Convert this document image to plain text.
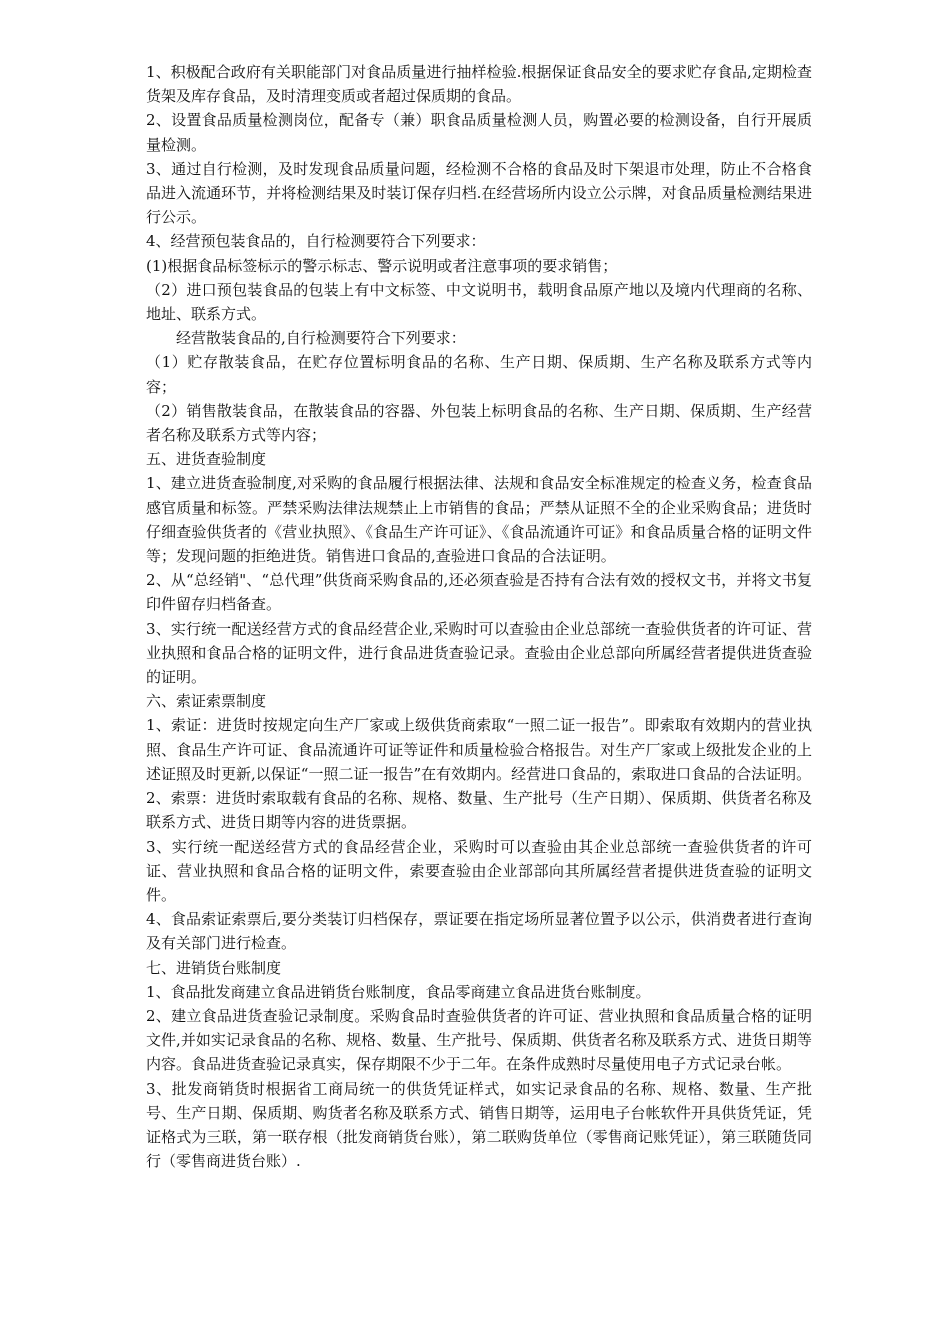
1、积极配合政府有关职能部门对食品质量进行抽样检验.根据保证食品安全的要求贮存食品,定期检查货架及库存食品，及时清理变质或者超过保质期的食品。

2、设置食品质量检测岗位，配备专（兼）职食品质量检测人员，购置必要的检测设备，自行开展质量检测。

3、通过自行检测，及时发现食品质量问题，经检测不合格的食品及时下架退市处理，防止不合格食品进入流通环节，并将检测结果及时装订保存归档.在经营场所内设立公示牌，对食品质量检测结果进行公示。

4、经营预包装食品的，自行检测要符合下列要求：

(1)根据食品标签标示的警示标志、警示说明或者注意事项的要求销售；

（2）进口预包装食品的包装上有中文标签、中文说明书，载明食品原产地以及境内代理商的名称、地址、联系方式。

　　经营散装食品的,自行检测要符合下列要求：

（1）贮存散装食品，在贮存位置标明食品的名称、生产日期、保质期、生产名称及联系方式等内容；

（2）销售散装食品，在散装食品的容器、外包装上标明食品的名称、生产日期、保质期、生产经营者名称及联系方式等内容；

五、进货查验制度

1、建立进货查验制度,对采购的食品履行根据法律、法规和食品安全标准规定的检查义务，检查食品感官质量和标签。严禁采购法律法规禁止上市销售的食品；严禁从证照不全的企业采购食品；进货时仔细查验供货者的《营业执照》、《食品生产许可证》、《食品流通许可证》和食品质量合格的证明文件等；发现问题的拒绝进货。销售进口食品的,查验进口食品的合法证明。

2、从“总经销"、“总代理”供货商采购食品的,还必须查验是否持有合法有效的授权文书，并将文书复印件留存归档备查。

3、实行统一配送经营方式的食品经营企业,采购时可以查验由企业总部统一查验供货者的许可证、营业执照和食品合格的证明文件，进行食品进货查验记录。查验由企业总部向所属经营者提供进货查验的证明。

六、索证索票制度

1、索证：进货时按规定向生产厂家或上级供货商索取“一照二证一报告”。即索取有效期内的营业执照、食品生产许可证、食品流通许可证等证件和质量检验合格报告。对生产厂家或上级批发企业的上述证照及时更新,以保证“一照二证一报告”在有效期内。经营进口食品的，索取进口食品的合法证明。

2、索票：进货时索取载有食品的名称、规格、数量、生产批号（生产日期）、保质期、供货者名称及联系方式、进货日期等内容的进货票据。

3、实行统一配送经营方式的食品经营企业，采购时可以查验由其企业总部统一查验供货者的许可证、营业执照和食品合格的证明文件，索要查验由企业部部向其所属经营者提供进货查验的证明文件。

4、食品索证索票后,要分类装订归档保存，票证要在指定场所显著位置予以公示，供消费者进行查询及有关部门进行检查。

七、进销货台账制度

1、食品批发商建立食品进销货台账制度，食品零商建立食品进货台账制度。

2、建立食品进货查验记录制度。采购食品时查验供货者的许可证、营业执照和食品质量合格的证明文件,并如实记录食品的名称、规格、数量、生产批号、保质期、供货者名称及联系方式、进货日期等内容。食品进货查验记录真实，保存期限不少于二年。在条件成熟时尽量使用电子方式记录台帐。

3、批发商销货时根据省工商局统一的供货凭证样式，如实记录食品的名称、规格、数量、生产批号、生产日期、保质期、购货者名称及联系方式、销售日期等，运用电子台帐软件开具供货凭证，凭证格式为三联，第一联存根（批发商销货台账），第二联购货单位（零售商记账凭证），第三联随货同行（零售商进货台账）.
